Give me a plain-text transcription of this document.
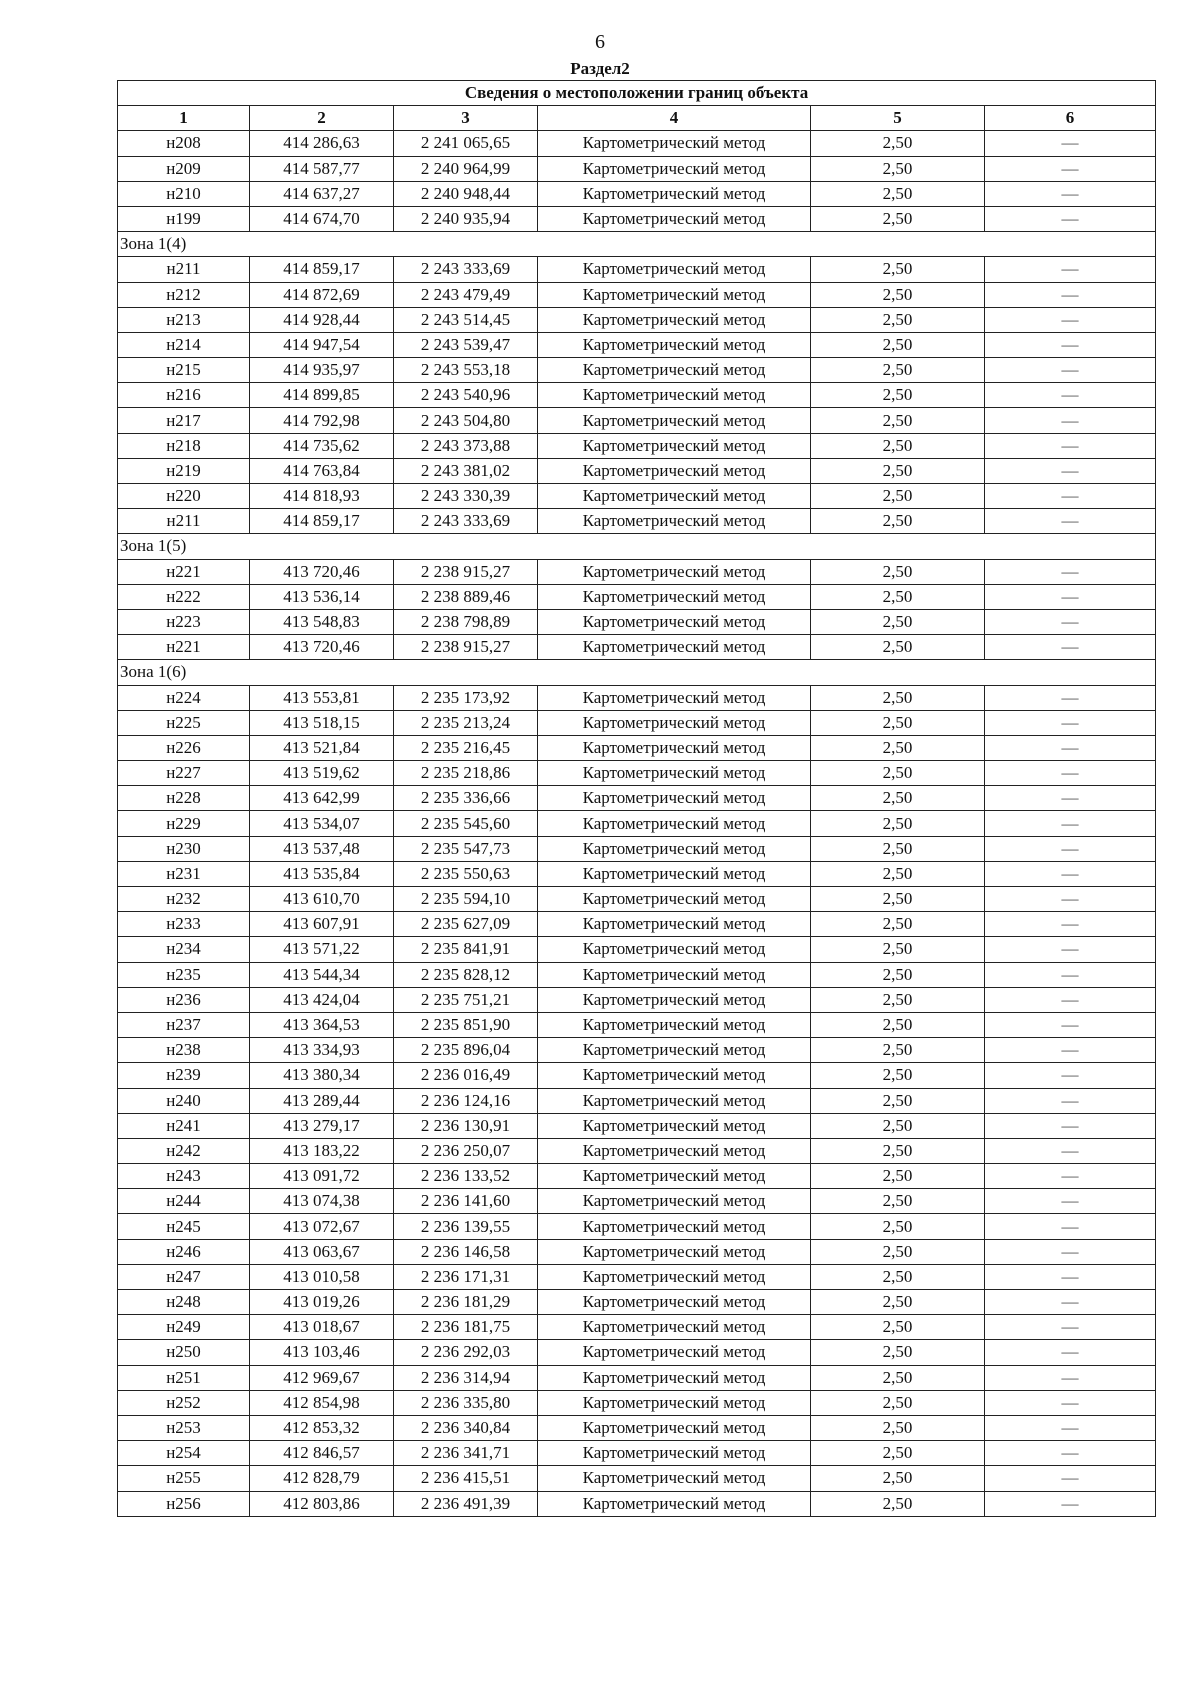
6
Раздел2
Сведения о местоположении границ объекта					
1	2	3	4	5	6
н208	414 286,63	2 241 065,65	Картометрический метод	2,50	—
н209	414 587,77	2 240 964,99	Картометрический метод	2,50	—
н210	414 637,27	2 240 948,44	Картометрический метод	2,50	—
н199	414 674,70	2 240 935,94	Картометрический метод	2,50	—
Зона 1(4)					
н211	414 859,17	2 243 333,69	Картометрический метод	2,50	—
н212	414 872,69	2 243 479,49	Картометрический метод	2,50	—
н213	414 928,44	2 243 514,45	Картометрический метод	2,50	—
н214	414 947,54	2 243 539,47	Картометрический метод	2,50	—
н215	414 935,97	2 243 553,18	Картометрический метод	2,50	—
н216	414 899,85	2 243 540,96	Картометрический метод	2,50	—
н217	414 792,98	2 243 504,80	Картометрический метод	2,50	—
н218	414 735,62	2 243 373,88	Картометрический метод	2,50	—
н219	414 763,84	2 243 381,02	Картометрический метод	2,50	—
н220	414 818,93	2 243 330,39	Картометрический метод	2,50	—
н211	414 859,17	2 243 333,69	Картометрический метод	2,50	—
Зона 1(5)					
н221	413 720,46	2 238 915,27	Картометрический метод	2,50	—
н222	413 536,14	2 238 889,46	Картометрический метод	2,50	—
н223	413 548,83	2 238 798,89	Картометрический метод	2,50	—
н221	413 720,46	2 238 915,27	Картометрический метод	2,50	—
Зона 1(6)					
н224	413 553,81	2 235 173,92	Картометрический метод	2,50	—
н225	413 518,15	2 235 213,24	Картометрический метод	2,50	—
н226	413 521,84	2 235 216,45	Картометрический метод	2,50	—
н227	413 519,62	2 235 218,86	Картометрический метод	2,50	—
н228	413 642,99	2 235 336,66	Картометрический метод	2,50	—
н229	413 534,07	2 235 545,60	Картометрический метод	2,50	—
н230	413 537,48	2 235 547,73	Картометрический метод	2,50	—
н231	413 535,84	2 235 550,63	Картометрический метод	2,50	—
н232	413 610,70	2 235 594,10	Картометрический метод	2,50	—
н233	413 607,91	2 235 627,09	Картометрический метод	2,50	—
н234	413 571,22	2 235 841,91	Картометрический метод	2,50	—
н235	413 544,34	2 235 828,12	Картометрический метод	2,50	—
н236	413 424,04	2 235 751,21	Картометрический метод	2,50	—
н237	413 364,53	2 235 851,90	Картометрический метод	2,50	—
н238	413 334,93	2 235 896,04	Картометрический метод	2,50	—
н239	413 380,34	2 236 016,49	Картометрический метод	2,50	—
н240	413 289,44	2 236 124,16	Картометрический метод	2,50	—
н241	413 279,17	2 236 130,91	Картометрический метод	2,50	—
н242	413 183,22	2 236 250,07	Картометрический метод	2,50	—
н243	413 091,72	2 236 133,52	Картометрический метод	2,50	—
н244	413 074,38	2 236 141,60	Картометрический метод	2,50	—
н245	413 072,67	2 236 139,55	Картометрический метод	2,50	—
н246	413 063,67	2 236 146,58	Картометрический метод	2,50	—
н247	413 010,58	2 236 171,31	Картометрический метод	2,50	—
н248	413 019,26	2 236 181,29	Картометрический метод	2,50	—
н249	413 018,67	2 236 181,75	Картометрический метод	2,50	—
н250	413 103,46	2 236 292,03	Картометрический метод	2,50	—
н251	412 969,67	2 236 314,94	Картометрический метод	2,50	—
н252	412 854,98	2 236 335,80	Картометрический метод	2,50	—
н253	412 853,32	2 236 340,84	Картометрический метод	2,50	—
н254	412 846,57	2 236 341,71	Картометрический метод	2,50	—
н255	412 828,79	2 236 415,51	Картометрический метод	2,50	—
н256	412 803,86	2 236 491,39	Картометрический метод	2,50	—
